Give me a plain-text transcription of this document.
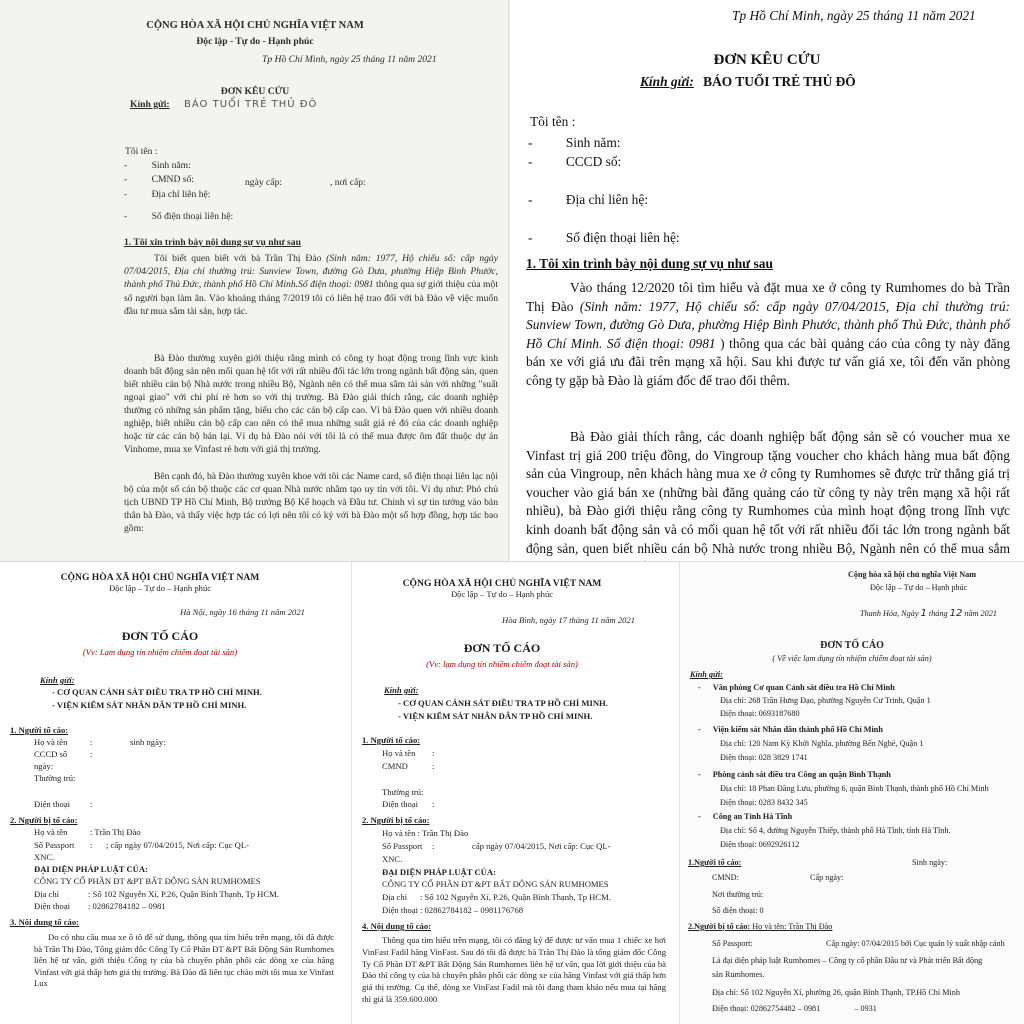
CỘNG HÒA XÃ HỘI CHỦ NGHĨA VIỆT NAM
Độc lập - Tự do - Hạnh phúc
Tp Hồ Chí Minh, ngày 25 tháng 11 năm 2021
ĐƠN KÊU CỨU
Kính gửi: BÁO TUỔI TRẺ THỦ ĐÔ
Tôi tên :
- Sinh năm:
- CMND số:	ngày cấp:	, nơi cấp:
- Địa chỉ liên hệ:
- Số điện thoại liên hệ:
1. Tôi xin trình bày nội dung sự vụ như sau
Tôi biết quen biết với bà Trần Thị Đào (Sinh năm: 1977, Hộ chiếu số: cấp ngày 07/04/2015, Địa chỉ thường trú: Sunview Town, đường Gò Dưa, phường Hiệp Bình Phước, thành phố Thủ Đức, thành phố Hồ Chí Minh.Số điện thoại: 0981 thông qua sự giới thiệu của một số người bạn làm ăn. Vào khoảng tháng 7/2019 tôi có liên hệ trao đổi với bà Đào về việc muốn đầu tư mua sắm tài sản, hợp tác.
Bà Đào thường xuyên giới thiệu rằng mình có công ty hoạt động trong lĩnh vực kinh doanh bất động sản nên mối quan hệ tốt với rất nhiều đối tác lớn trong ngành bất động sản, quen biết nhiều cán bộ Nhà nước trong nhiều Bộ, Ngành nên có thể mua sắm tài sản với những "suất ngoại giao" với chi phí rẻ hơn so với thị trường. Bà Đào giải thích rằng, các doanh nghiệp thường có những sản phẩm tặng, biếu cho các cán bộ cấp cao. Vì bà Đào quen với nhiều doanh nghiệp, biết nhiều cán bộ cấp cao nên có thể mua những suất giá rẻ đó của các doanh nghiệp hoặc từ các cán bộ bán lại. Ví dụ bà Đào nói với tôi là có thể mua được ôm đất thuộc dự án Vinhome, mua xe Vinfast rẻ hơn với giá thị trường.
Bên cạnh đó, bà Đào thường xuyên khoe với tôi các Name card, số điện thoại liên lạc nội bộ của một số cán bộ thuộc các cơ quan Nhà nước nhằm tạo uy tín với tôi. Ví dụ như: Phó chủ tịch UBND TP Hồ Chí Minh, Bộ trưởng Bộ Kế hoạch và Đầu tư. Chính vì sự tin tưởng vào bản thân bà Đào, và thấy việc hợp tác có lợi nên tôi có ký với bà Đào một số hợp đồng, hợp tác bao gồm:
Tp Hồ Chí Minh, ngày 25 tháng 11 năm 2021
ĐƠN KÊU CỨU
Kính gửi: BÁO TUỔI TRẺ THỦ ĐÔ
Tôi tên :
- Sinh năm:
- CCCD số:
- Địa chỉ liên hệ:
- Số điện thoại liên hệ:
1. Tôi xin trình bày nội dung sự vụ như sau
Vào tháng 12/2020 tôi tìm hiểu và đặt mua xe ở công ty Rumhomes do bà Trần Thị Đào (Sinh năm: 1977, Hộ chiếu số: cấp ngày 07/04/2015, Địa chỉ thường trú: Sunview Town, đường Gò Dưa, phường Hiệp Bình Phước, thành phố Thủ Đức, thành phố Hồ Chí Minh. Số điện thoại: 0981 ) thông qua các bài quảng cáo của công ty này đăng bán xe với giá ưu đãi trên mạng xã hội. Sau khi được tư vấn giá xe, tôi đến văn phòng công ty gặp bà Đào là giám đốc để trao đổi thêm.
Bà Đào giải thích rằng, các doanh nghiệp bất động sản sẽ có voucher mua xe Vinfast trị giá 200 triệu đồng, do Vingroup tặng voucher cho khách hàng mua bất động sản của Vingroup, nên khách hàng mua xe ở công ty Rumhomes sẽ được trừ thẳng giá trị voucher vào giá bán xe (những bài đăng quảng cáo từ công ty này trên mạng xã hội rất nhiều), bà Đào giới thiệu rằng công ty Rumhomes của mình hoạt động trong lĩnh vực kinh doanh bất động sản và có mối quan hệ tốt với rất nhiều đối tác lớn trong ngành bất động sản, quen biết nhiều cán bộ Nhà nước trong nhiều Bộ, Ngành nên có thể mua sắm
CỘNG HÒA XÃ HỘI CHỦ NGHĨA VIỆT NAM
Độc lập – Tự do – Hạnh phúc
Hà Nội, ngày 16 tháng 11 năm 2021
ĐƠN TỐ CÁO
(Vv: Lạm dụng tín nhiệm chiếm đoạt tài sản)
Kính gửi:
- CƠ QUAN CẢNH SÁT ĐIỀU TRA TP HỒ CHÍ MINH.
- VIỆN KIỂM SÁT NHÂN DÂN TP HỒ CHÍ MINH.
1. Người tố cáo:
Họ và tên	:	sinh ngày:
CCCD số	:
ngày:
Thường trú:
Điện thoại :
2. Người bị tố cáo:
Họ và tên	: Trần Thị Đào
Số Passport : ; cấp ngày 07/04/2015, Nơi cấp: Cục QL-
XNC.
ĐẠI DIỆN PHÁP LUẬT CỦA:
CÔNG TY CỔ PHẦN ĐT &PT BẤT ĐỘNG SẢN RUMHOMES
Địa chỉ	: Số 102 Nguyễn Xí, P.26, Quận Bình Thạnh, Tp HCM.
Điện thoại : 02862784182 – 0981
3. Nội dung tố cáo:
Do có nhu cầu mua xe ô tô để sử dụng, thông qua tìm hiểu trên mạng, tôi đã được bà Trần Thị Đào, Tổng giám đốc Công Ty Cổ Phần ĐT &PT Bất Động Sản Rumhomes liên hệ tư vấn, giới thiệu Công ty của bà chuyên phân phối các dòng xe của hãng Vinfast với giá thấp hơn giá thị trường. Bà Đào đã liên tục chào mời tôi mua xe Vinfast Lux
CỘNG HÒA XÃ HỘI CHỦ NGHĨA VIỆT NAM
Độc lập – Tự do – Hạnh phúc
Hòa Bình, ngày 17 tháng 11 năm 2021
ĐƠN TỐ CÁO
(Vv: lạm dụng tín nhiệm chiếm đoạt tài sản)
Kính gửi:
- CƠ QUAN CẢNH SÁT ĐIỀU TRA TP HỒ CHÍ MINH.
- VIỆN KIỂM SÁT NHÂN DÂN TP HỒ CHÍ MINH.
1. Người tố cáo:
Họ và tên :
CMND	:
Thường trú:
Điện thoại :
2. Người bị tố cáo:
Họ và tên : Trần Thị Đào
Số Passport :	cấp ngày 07/04/2015, Nơi cấp: Cục QL-
XNC.
ĐẠI DIỆN PHÁP LUẬT CỦA:
CÔNG TY CỔ PHẦN ĐT &PT BẤT ĐỘNG SẢN RUMHOMES
Địa chỉ : Số 102 Nguyễn Xí, P.26, Quận Bình Thạnh, Tp HCM.
Điện thoại : 02862784182 – 0981176768
4. Nội dung tố cáo:
Thông qua tìm hiểu trên mạng, tôi có đăng ký để được tư vấn mua 1 chiếc xe hơi VinFast Fadil hãng VinFast. Sau đó tôi đã được bà Trần Thị Đào là tổng giám đốc Công Ty Cổ Phần ĐT &PT Bất Động Sản Rumhomes liên hệ tư vấn, qua lời giới thiệu của bà Đào thì công ty của bà chuyên phân phối các dòng xe của hãng Vinfast với giá thấp hơn giá thị trường. Cụ thể, dòng xe VinFast Fadil mà tôi đang tham khảo nếu mua tại hãng thì giá là 359.600.000
Cộng hòa xã hội chủ nghĩa Việt Nam
Độc lập – Tự do – Hạnh phúc
Thanh Hóa, Ngày 1 tháng 12 năm 2021
ĐƠN TỐ CÁO
( Về việc lạm dụng tín nhiệm chiếm đoạt tài sản)
Kính gửi:
- Văn phòng Cơ quan Cảnh sát điều tra Hồ Chí Minh
Địa chỉ: 268 Trần Hưng Đạo, phường Nguyễn Cư Trinh, Quận 1
Điện thoại: 0693187680
- Viện kiểm sát Nhân dân thành phố Hồ Chí Minh
Địa chỉ: 120 Nam Kỳ Khởi Nghĩa, phường Bến Nghé, Quận 1
Điện thoại: 028 3829 1741
- Phòng cảnh sát điều tra Công an quận Bình Thạnh
Địa chỉ: 18 Phan Đăng Lưu, phường 6, quận Bình Thạnh, thành phố Hồ Chí Minh
Điện thoại: 0283 8432 345
- Công an Tỉnh Hà Tĩnh
Địa chỉ: Số 4, đường Nguyễn Thiếp, thành phố Hà Tĩnh, tỉnh Hà Tĩnh.
Điện thoại: 0692926112
1.Người tố cáo:	Sinh ngày:
CMND:	Cấp ngày:
Nơi thường trú:
Số điện thoại: 0
2.Người bị tố cáo: Họ và tên: Trần Thị Đào
Số Passport:	Cấp ngày: 07/04/2015 bởi Cục quản lý xuất nhập cảnh
Là đại diện pháp luật Rumhomes – Công ty cổ phần Đầu tư và Phát triển Bất động
sản Rumhomes.
Địa chỉ: Số 102 Nguyễn Xí, phường 26, quận Bình Thạnh, TP.Hồ Chí Minh
Điện thoại: 02862754482 – 0981	– 0931
